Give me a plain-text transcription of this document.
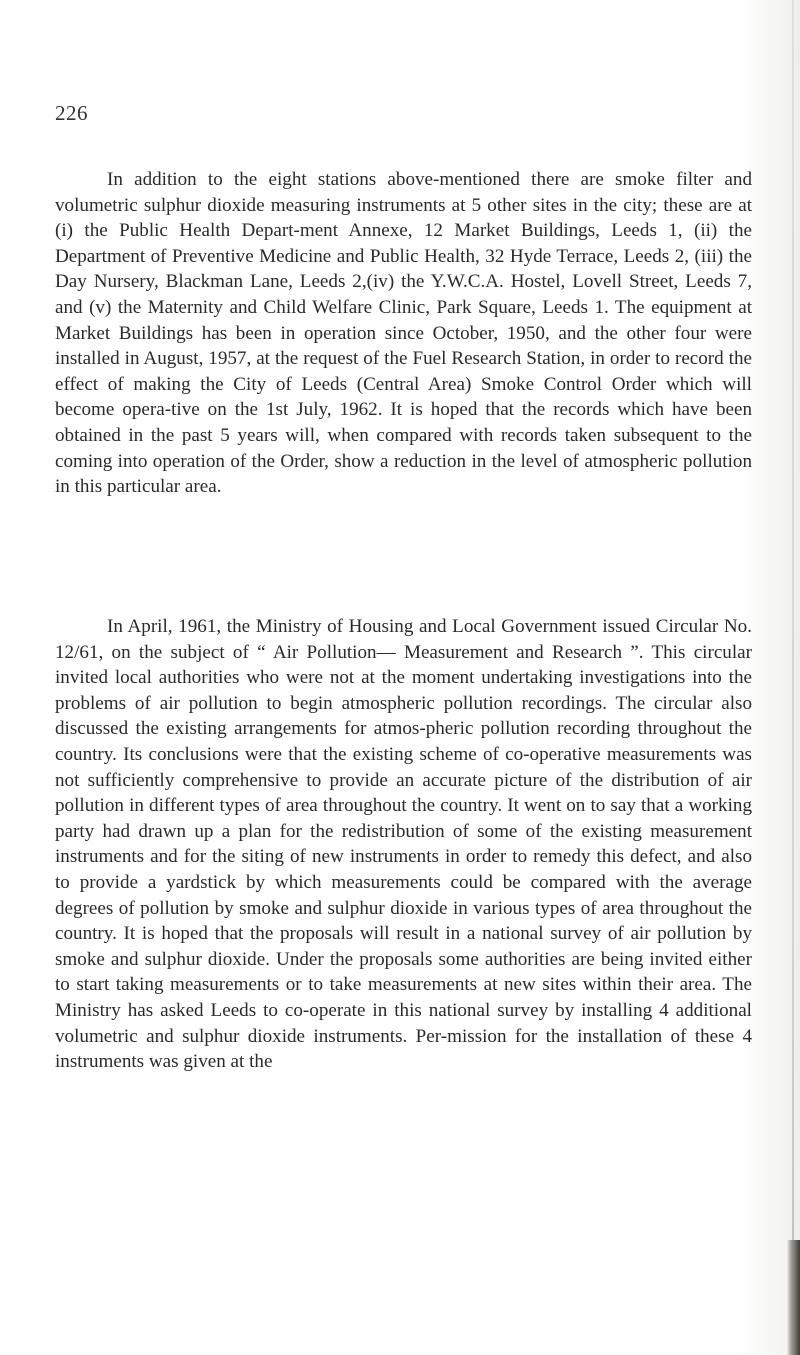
226

In addition to the eight stations above-mentioned there are smoke filter and volumetric sulphur dioxide measuring instruments at 5 other sites in the city; these are at (i) the Public Health Depart-ment Annexe, 12 Market Buildings, Leeds 1, (ii) the Department of Preventive Medicine and Public Health, 32 Hyde Terrace, Leeds 2, (iii) the Day Nursery, Blackman Lane, Leeds 2,(iv) the Y.W.C.A. Hostel, Lovell Street, Leeds 7, and (v) the Maternity and Child Welfare Clinic, Park Square, Leeds 1. The equipment at Market Buildings has been in operation since October, 1950, and the other four were installed in August, 1957, at the request of the Fuel Research Station, in order to record the effect of making the City of Leeds (Central Area) Smoke Control Order which will become opera-tive on the 1st July, 1962. It is hoped that the records which have been obtained in the past 5 years will, when compared with records taken subsequent to the coming into operation of the Order, show a reduction in the level of atmospheric pollution in this particular area.

In April, 1961, the Ministry of Housing and Local Government issued Circular No. 12/61, on the subject of “ Air Pollution— Measurement and Research ”. This circular invited local authorities who were not at the moment undertaking investigations into the problems of air pollution to begin atmospheric pollution recordings. The circular also discussed the existing arrangements for atmos-pheric pollution recording throughout the country. Its conclusions were that the existing scheme of co-operative measurements was not sufficiently comprehensive to provide an accurate picture of the distribution of air pollution in different types of area throughout the country. It went on to say that a working party had drawn up a plan for the redistribution of some of the existing measurement instruments and for the siting of new instruments in order to remedy this defect, and also to provide a yardstick by which measurements could be compared with the average degrees of pollution by smoke and sulphur dioxide in various types of area throughout the country. It is hoped that the proposals will result in a national survey of air pollution by smoke and sulphur dioxide. Under the proposals some authorities are being invited either to start taking measurements or to take measurements at new sites within their area. The Ministry has asked Leeds to co-operate in this national survey by installing 4 additional volumetric and sulphur dioxide instruments. Per-mission for the installation of these 4 instruments was given at the
